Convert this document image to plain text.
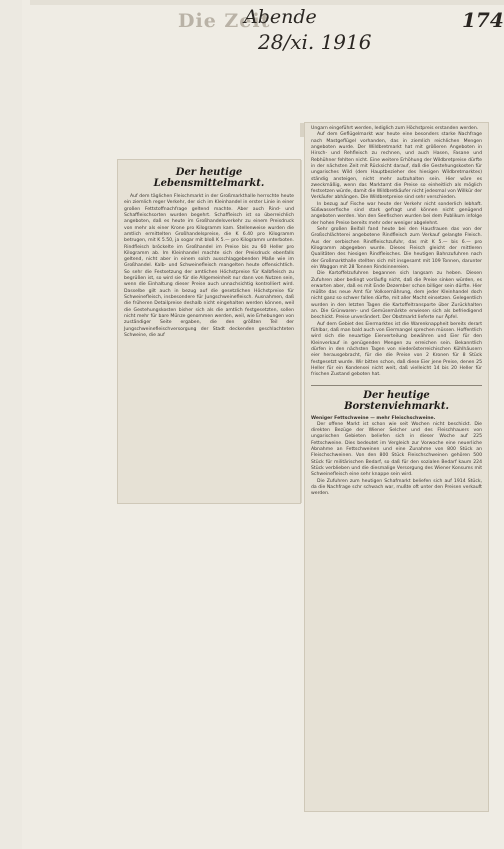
Die Zeit
Abende
28/xi. 1916
174
Der heutige Lebensmittelmarkt.

Auf dem täglichen Fleischmarkt in der Großmarkthalle herrschte heute ein ziemlich reger Verkehr, der sich im Kleinhandel in erster Linie in einer großen Fettstoffnachfrage geltend machte. Aber auch Rind- und Schaffleischsorten wurden begehrt. Schaffleisch ist so überreichlich angeboten, daß es heute im Großhandelsverkehr zu einem Preisdruck von mehr als einer Krone pro Kilogramm kam. Stellenweise wurden die amtlich ermittelten Großhandelspreise, die K 6.40 pro Kilogramm betrugen, mit K 5.50, ja sogar mit bloß K 5.— pro Kilogramm unterboten. Rindfleisch bröckelte im Großhandel im Preise bis zu 60 Heller pro Kilogramm ab. Im Kleinhandel machte sich der Preisdruck ebenfalls geltend, nicht aber in einem solch ausschlaggebenden Maße wie im Großhandel. Kalb- und Schweinefleisch mangelten heute offensichtlich. So sehr die Festsetzung der amtlichen Höchstpreise für Kalbfleisch zu begrüßen ist, so wird sie für die Allgemeinheit nur dann von Nutzen sein, wenn die Einhaltung dieser Preise auch unnachsichtig kontrolliert wird. Dasselbe gilt auch in bezug auf die gesetzlichen Höchstpreise für Schweinefleisch, insbesondere für Jungschweinefleisch. Ausnahmen, daß die früheren Detailpreise deshalb nicht eingehalten werden können, weil die Gestehungskosten bisher sich als die amtlich festgesetzten, sollen nicht mehr für bare Münze genommen werden, weil, wie Erhebungen von zuständiger Seite ergaben, die den größten Teil der Jungschweinefleischversorgung der Stadt deckenden geschlachteten Schweine, die auf

Ungarn eingeführt werden, lediglich zum Höchstpreis erstanden werden.

Auf dem Geflügelmarkt war heute eine besonders starke Nachfrage nach Mastgeflügel vorhanden, das in ziemlich reichlichen Mengen angeboten wurde. Der Wildbretmarkt hat mit größeren Angeboten in Hirsch- und Rehfleisch zu rechnen, und auch Hasen, Fasane und Rebhühner fehlten nicht. Eine weitere Erhöhung der Wildbretpreise dürfte in der nächsten Zeit mit Rücksicht darauf, daß die Gestehungskosten für ungarisches Wild (dem Hauptbezieher des hiesigen Wildbretmarktes) ständig ansteigen, nicht mehr aufzuhalten sein. Hier wäre es zweckmäßig, wenn das Marktamt die Preise so einheitlich als möglich festsetzen würde, damit die Wildbretkäufer nicht jedesmal von Willkür der Verkäufer abhängen. Die Wildbretpreise sind sehr verschieden.

In bezug auf Fische war heute der Verkehr nicht sonderlich lebhaft. Süßwasserfische sind stark gefragt und können nicht genügend angeboten werden. Von den Seefischen wurden bei dem Publikum infolge der hohen Preise bereits mehr oder weniger abgelehnt.

Sehr großen Beifall fand heute bei den Hausfrauen das von der Großschlächterei angebotene Rindfleisch zum Verkauf gelangte Fleisch. Aus der serbischen Rindfleischzufuhr, das mit K 5.— bis 6.— pro Kilogramm abgegeben wurde. Dieses Fleisch gleicht der mittleren Qualitäten des hiesigen Rindfleisches. Die heutigen Bahnzufuhren nach der Großmarkthalle stellten sich mit insgesamt mit 109 Tonnen, darunter ein Waggon mit 28 Tonnen Rindsinnereien.

Die Kartoffelzufuhren begannen sich langsam zu heben. Diesen Zufuhren aber bedingt vorläufig nicht, daß die Preise sinken würden, es erwarten aber, daß es mit Ende Dezember schon billiger sein dürfte. Hier müßte das neue Amt für Volksernährung, dem jeder Kleinhandel doch nicht ganz so schwer fallen dürfte, mit aller Macht einsetzen. Gelegentlich wurden in den letzten Tagen die Kartoffeltransporte über Zurückhalten an. Die Grünwaren- und Gemüsemärkte erwiesen sich als befriedigend beschickt. Preise unverändert. Der Obstmarkt lieferte nur Äpfel.

Auf dem Gebiet des Eiermarktes ist die Warenknappheit bereits derart fühlbar, daß man bald auch von Eiermangel sprechen müssen. Hoffentlich wird sich die neuartige Eierverteilung bewähren und Eier für den Kleinverkauf in genügenden Mengen zu erreichen sein. Bekanntlich dürfen in den nächsten Tagen von niederösterreichischen Kühlhäusern eier herausgebracht, für die die Preise von 2 Kronen für 8 Stück festgesetzt wurde. Wir bitten schon, daß diese Eier jene Preise, denen 25 Heller für ein Kondensei nicht weit, daß vielleicht 14 bis 20 Heller für frischen Zustand geboten hat.

Der heutige Borstenviehmarkt.

Weniger Fettschweine — mehr Fleischschweine.

Der offene Markt ist schon wie seit Wochen nicht beschickt. Die direkten Bezüge der Wiener Selcher und des Fleischhauers von ungarischen Gebieten beliefen sich in dieser Woche auf 225 Fettschweine. Dies bedeutet im Vergleich zur Vorwoche eine neuerliche Abnahme an Fettschweinen und eine Zunahme von 800 Stück an Fleischschweinen. Von den 800 Stück Fleischschweinen gehören 500 Stück für militärischen Bedarf, so daß für den sozialen Bedarf kaum 224 Stück verblieben und die diesmalige Versorgung des Wiener Konsums mit Schweinefleisch eine sehr knappe sein wird.

Die Zufuhren zum heutigen Schafmarkt beliefen sich auf 1914 Stück, da die Nachfrage schr schwach war, mußte oft unter den Preisen verkauft werden.
